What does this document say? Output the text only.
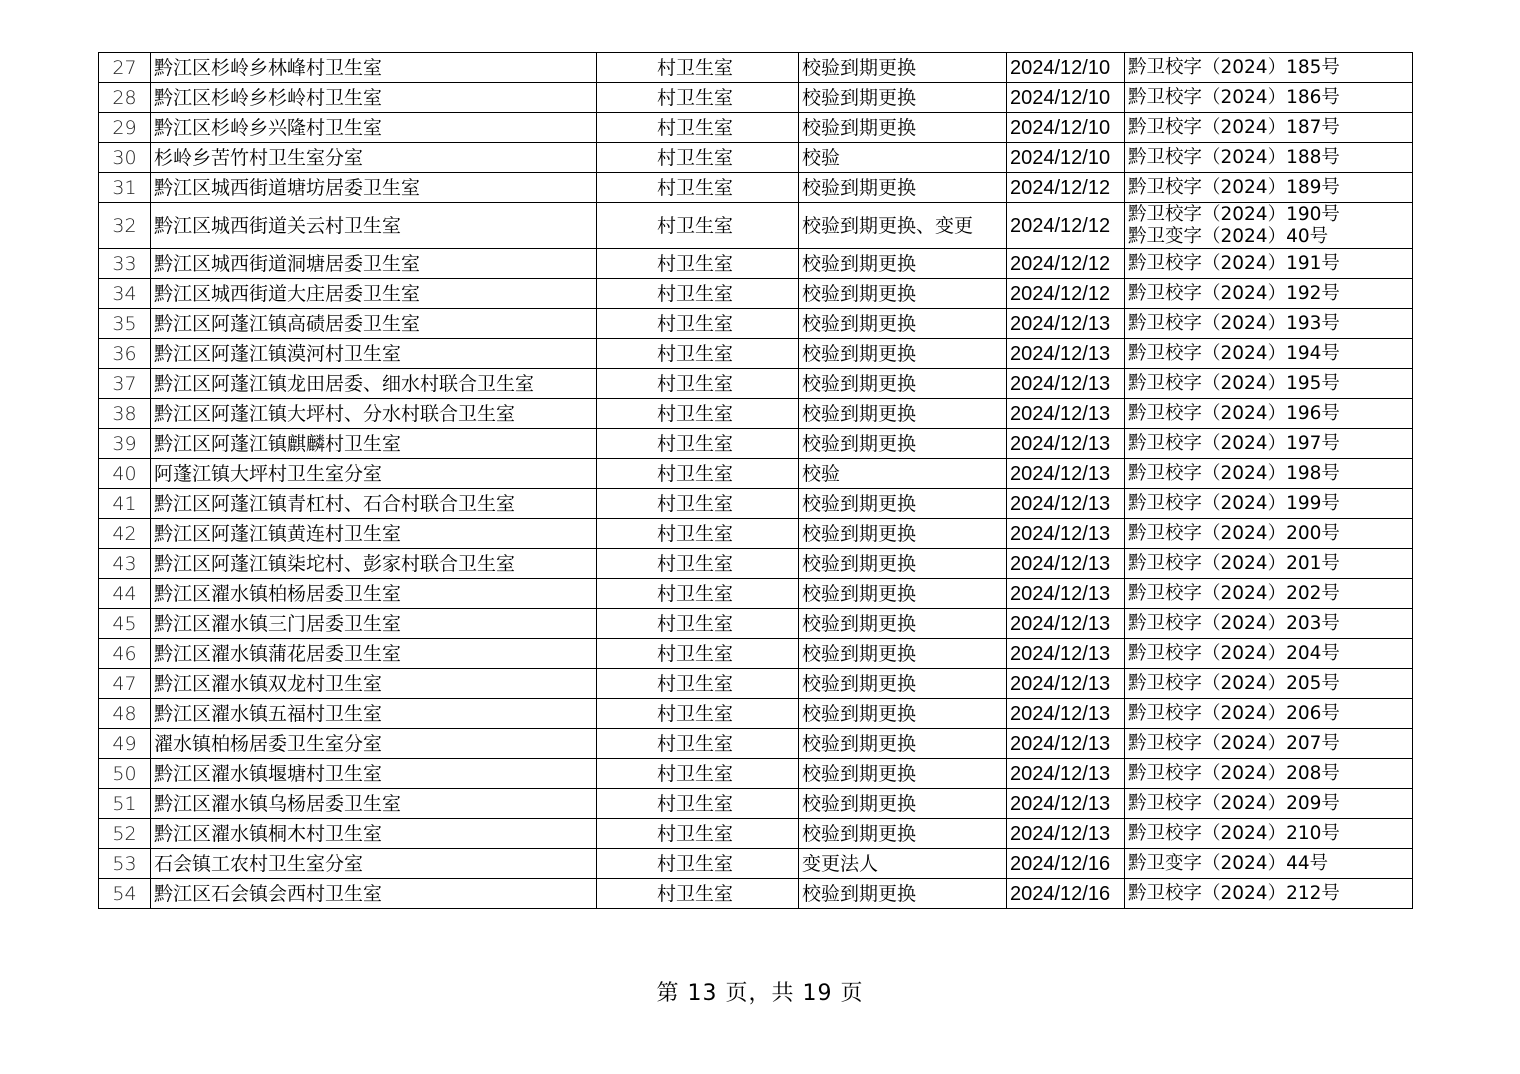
27	黔江区杉岭乡林峰村卫生室	村卫生室	校验到期更换	2024/12/10	黔卫校字（2024）185号

28	黔江区杉岭乡杉岭村卫生室	村卫生室	校验到期更换	2024/12/10	黔卫校字（2024）186号

29	黔江区杉岭乡兴隆村卫生室	村卫生室	校验到期更换	2024/12/10	黔卫校字（2024）187号

30	杉岭乡苦竹村卫生室分室	村卫生室	校验	2024/12/10	黔卫校字（2024）188号

31	黔江区城西街道塘坊居委卫生室	村卫生室	校验到期更换	2024/12/12	黔卫校字（2024）189号

32	黔江区城西街道关云村卫生室	村卫生室	校验到期更换、变更	2024/12/12	黔卫校字（2024）190号
黔卫变字（2024）40号

33	黔江区城西街道洞塘居委卫生室	村卫生室	校验到期更换	2024/12/12	黔卫校字（2024）191号

34	黔江区城西街道大庄居委卫生室	村卫生室	校验到期更换	2024/12/12	黔卫校字（2024）192号

35	黔江区阿蓬江镇高碛居委卫生室	村卫生室	校验到期更换	2024/12/13	黔卫校字（2024）193号

36	黔江区阿蓬江镇漠河村卫生室	村卫生室	校验到期更换	2024/12/13	黔卫校字（2024）194号

37	黔江区阿蓬江镇龙田居委、细水村联合卫生室	村卫生室	校验到期更换	2024/12/13	黔卫校字（2024）195号

38	黔江区阿蓬江镇大坪村、分水村联合卫生室	村卫生室	校验到期更换	2024/12/13	黔卫校字（2024）196号

39	黔江区阿蓬江镇麒麟村卫生室	村卫生室	校验到期更换	2024/12/13	黔卫校字（2024）197号

40	阿蓬江镇大坪村卫生室分室	村卫生室	校验	2024/12/13	黔卫校字（2024）198号

41	黔江区阿蓬江镇青杠村、石合村联合卫生室	村卫生室	校验到期更换	2024/12/13	黔卫校字（2024）199号

42	黔江区阿蓬江镇黄连村卫生室	村卫生室	校验到期更换	2024/12/13	黔卫校字（2024）200号

43	黔江区阿蓬江镇柒坨村、彭家村联合卫生室	村卫生室	校验到期更换	2024/12/13	黔卫校字（2024）201号

44	黔江区濯水镇柏杨居委卫生室	村卫生室	校验到期更换	2024/12/13	黔卫校字（2024）202号

45	黔江区濯水镇三门居委卫生室	村卫生室	校验到期更换	2024/12/13	黔卫校字（2024）203号

46	黔江区濯水镇蒲花居委卫生室	村卫生室	校验到期更换	2024/12/13	黔卫校字（2024）204号

47	黔江区濯水镇双龙村卫生室	村卫生室	校验到期更换	2024/12/13	黔卫校字（2024）205号

48	黔江区濯水镇五福村卫生室	村卫生室	校验到期更换	2024/12/13	黔卫校字（2024）206号

49	濯水镇柏杨居委卫生室分室	村卫生室	校验到期更换	2024/12/13	黔卫校字（2024）207号

50	黔江区濯水镇堰塘村卫生室	村卫生室	校验到期更换	2024/12/13	黔卫校字（2024）208号

51	黔江区濯水镇乌杨居委卫生室	村卫生室	校验到期更换	2024/12/13	黔卫校字（2024）209号

52	黔江区濯水镇桐木村卫生室	村卫生室	校验到期更换	2024/12/13	黔卫校字（2024）210号

53	石会镇工农村卫生室分室	村卫生室	变更法人	2024/12/16	黔卫变字（2024）44号

54	黔江区石会镇会西村卫生室	村卫生室	校验到期更换	2024/12/16	黔卫校字（2024）212号
第 13 页，共 19 页
